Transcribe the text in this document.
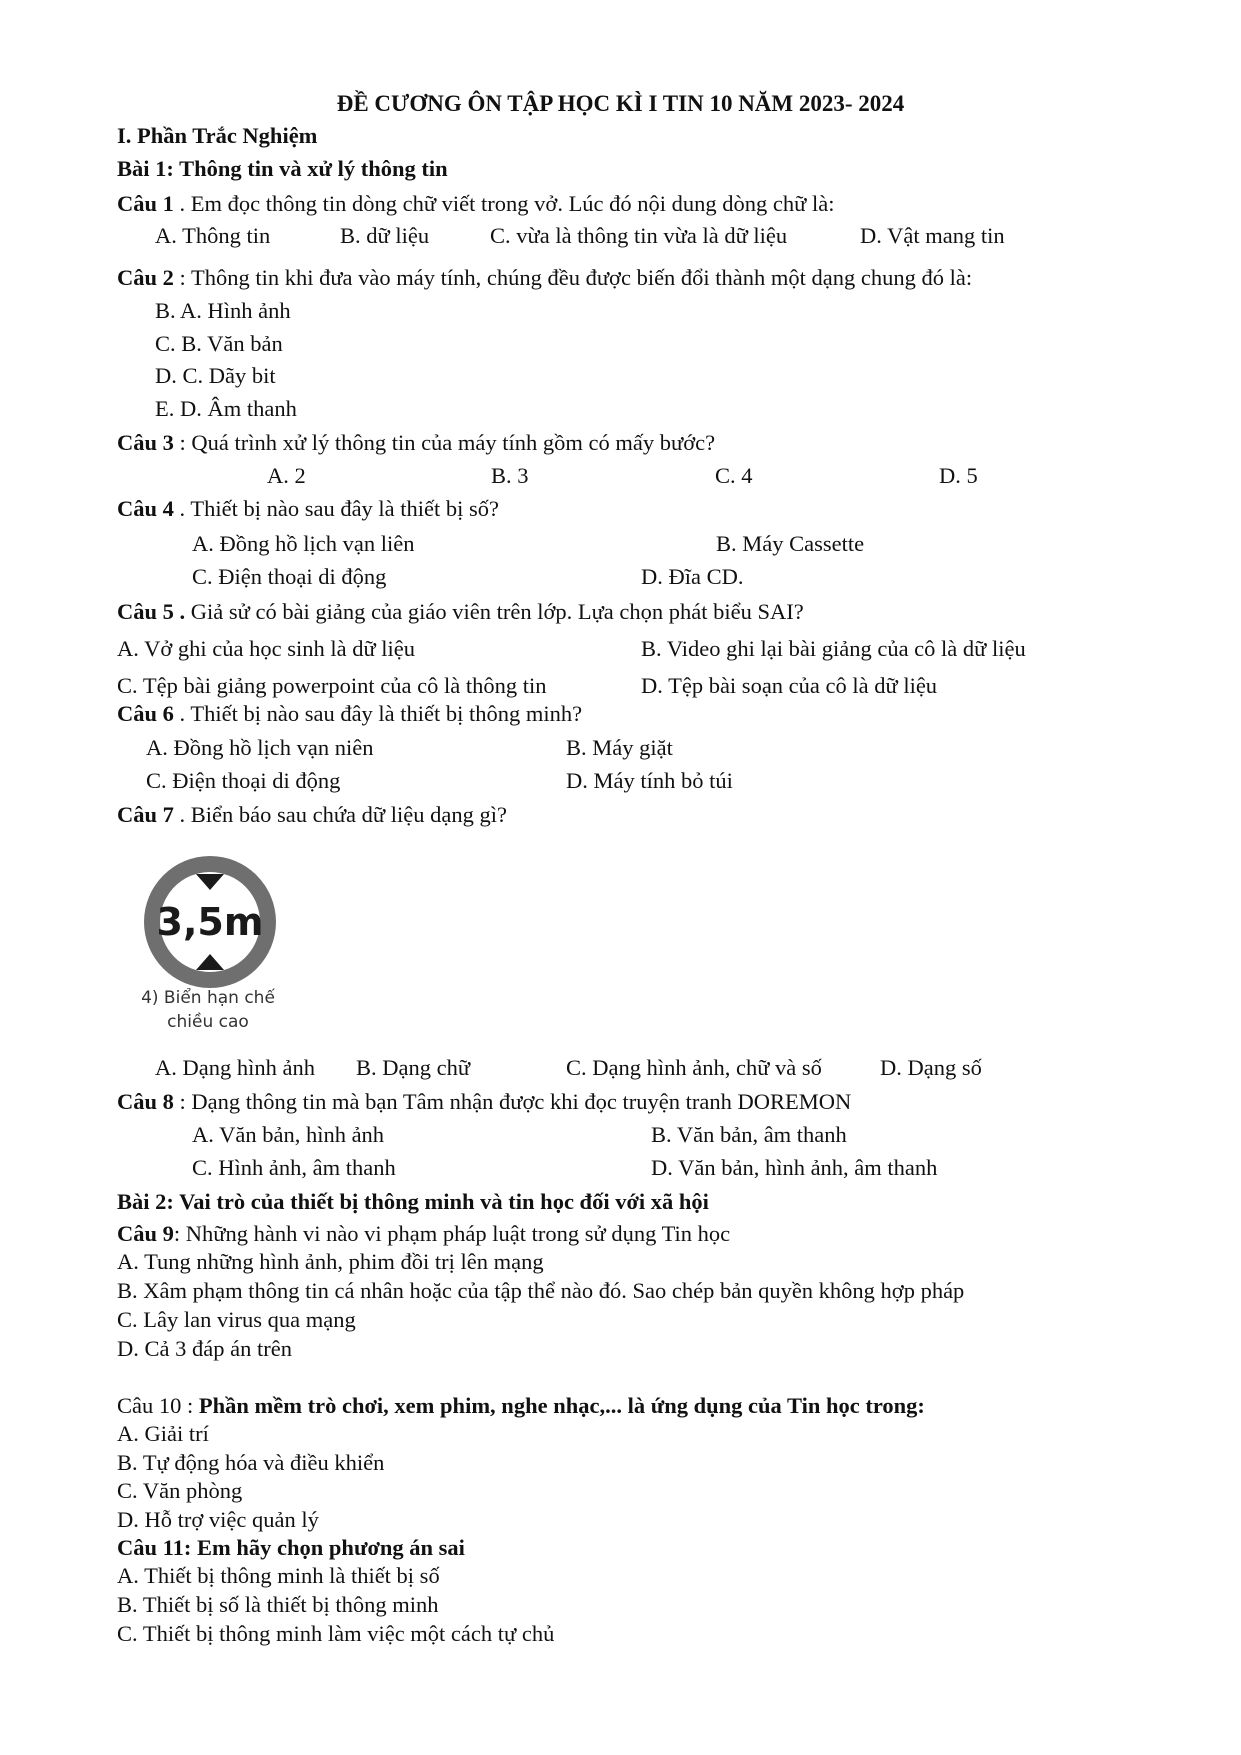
ĐỀ CƯƠNG ÔN TẬP HỌC KÌ I TIN 10 NĂM 2023- 2024
I. Phần Trắc Nghiệm
Bài 1: Thông tin và xử lý thông tin
Câu 1 . Em đọc thông tin dòng chữ viết trong vở. Lúc đó nội dung dòng chữ là:
A. Thông tin	B. dữ liệu	C. vừa là thông tin vừa là dữ liệu	D. Vật mang tin
Câu 2 : Thông tin khi đưa vào máy tính, chúng đều được biến đổi thành một dạng chung đó là:
B. A. Hình ảnh
C. B. Văn bản
D. C. Dãy bit
E. D. Âm thanh
Câu 3 : Quá trình xử lý thông tin của máy tính gồm có mấy bước?
A. 2	B. 3	C. 4	D. 5
Câu 4 . Thiết bị nào sau đây là thiết bị số?
A. Đồng hồ lịch vạn liên	B. Máy Cassette
C. Điện thoại di động	D. Đĩa CD.
Câu 5 . Giả sử có bài giảng của giáo viên trên lớp. Lựa chọn phát biểu SAI?
A. Vở ghi của học sinh là dữ liệu	B. Video ghi lại bài giảng của cô là dữ liệu
C. Tệp bài giảng powerpoint của cô là thông tin	D. Tệp bài soạn của cô là dữ liệu
Câu 6 . Thiết bị nào sau đây là thiết bị thông minh?
A. Đồng hồ lịch vạn niên	B. Máy giặt
C. Điện thoại di động	D. Máy tính bỏ túi
Câu 7 . Biển báo sau chứa dữ liệu dạng gì?
3,5m
4) Biển hạn chế
chiều cao
A. Dạng hình ảnh B. Dạng chữ	C. Dạng hình ảnh, chữ và số	D. Dạng số
Câu 8 : Dạng thông tin mà bạn Tâm nhận được khi đọc truyện tranh DOREMON
A. Văn bản, hình ảnh	B. Văn bản, âm thanh
C. Hình ảnh, âm thanh	D. Văn bản, hình ảnh, âm thanh
Bài 2: Vai trò của thiết bị thông minh và tin học đối với xã hội
Câu 9: Những hành vi nào vi phạm pháp luật trong sử dụng Tin học
A. Tung những hình ảnh, phim đồi trị lên mạng
B. Xâm phạm thông tin cá nhân hoặc của tập thể nào đó. Sao chép bản quyền không hợp pháp
C. Lây lan virus qua mạng
D. Cả 3 đáp án trên
Câu 10 : Phần mềm trò chơi, xem phim, nghe nhạc,... là ứng dụng của Tin học trong:
A. Giải trí
B. Tự động hóa và điều khiển
C. Văn phòng
D. Hỗ trợ việc quản lý
Câu 11: Em hãy chọn phương án sai
A. Thiết bị thông minh là thiết bị số
B. Thiết bị số là thiết bị thông minh
C. Thiết bị thông minh làm việc một cách tự chủ
